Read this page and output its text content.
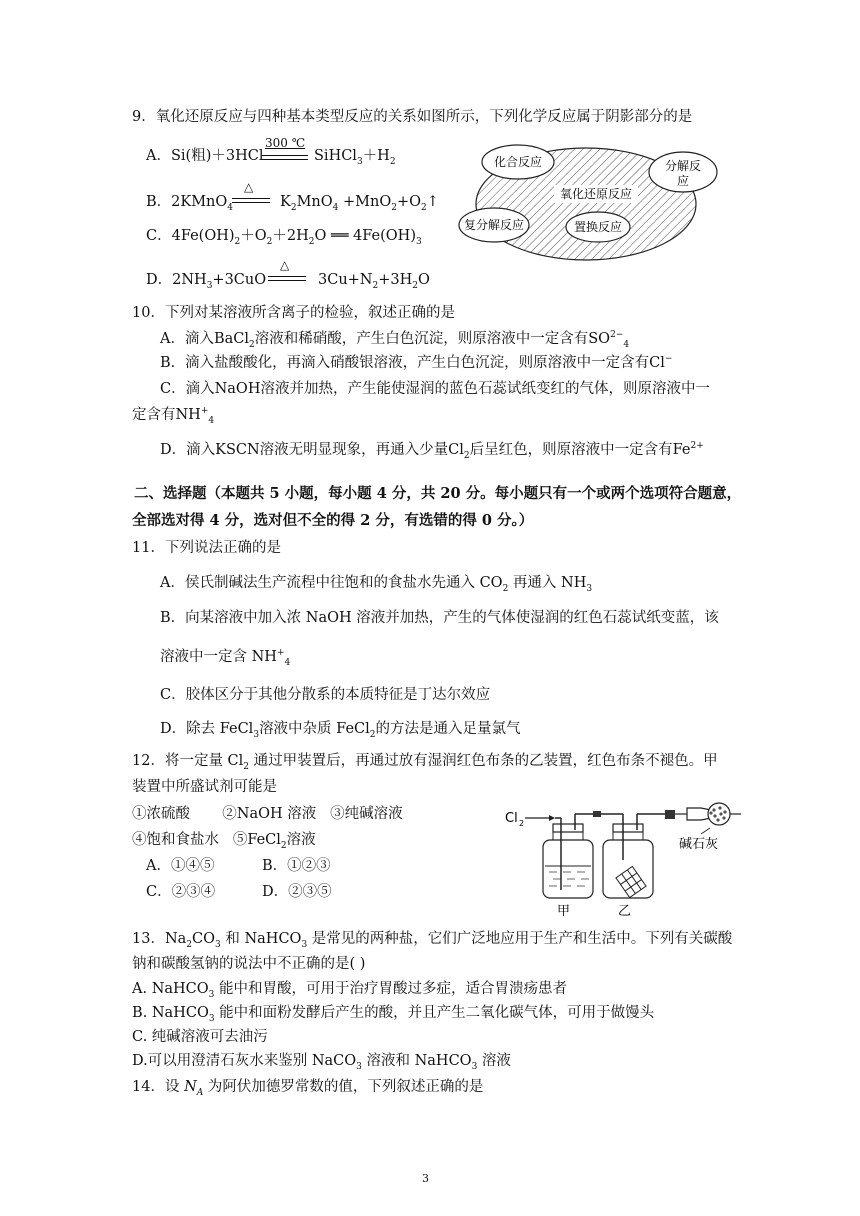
9．氧化还原反应与四种基本类型反应的关系如图所示，下列化学反应属于阴影部分的是
A．Si(粗)＋3HCl
300 ℃
$SiHCl_3+H_2$
B．2KMnO$_4$
△
$K_2MnO_4$ $+MnO_2+O_2↑$
C．$4Fe(OH)_2+O_2+2H_2O$ ══ $4Fe(OH)_3$
D．$2NH_3+3CuO$
△
$3Cu+N_2+3H_2O$
化合反应	分解反
应
氧化还原反应
复分解反应	置换反应
10．下列对某溶液所含离子的检验，叙述正确的是
A．滴入BaCl$_2$溶液和稀硝酸，产生白色沉淀，则原溶液中一定含有$SO^{2-}_4$
B．滴入盐酸酸化，再滴入硝酸银溶液，产生白色沉淀，则原溶液中一定含有Cl−
C．滴入NaOH溶液并加热，产生能使湿润的蓝色石蕊试纸变红的气体，则原溶液中一
定含有$NH^+_4$
D．滴入KSCN溶液无明显现象，再通入少量$Cl_2$后呈红色，则原溶液中一定含有$Fe^{2+}$
二、选择题（本题共 5 小题，每小题 4 分，共 20 分。每小题只有一个或两个选项符合题意，
全部选对得 4 分，选对但不全的得 2 分，有选错的得 0 分。）
11．下列说法正确的是
A．侯氏制碱法生产流程中往饱和的食盐水先通入 $CO_2$ 再通入 $NH_3$
B．向某溶液中加入浓 NaOH 溶液并加热，产生的气体使湿润的红色石蕊试纸变蓝，该
溶液中一定含 $NH^+_4$
C．胶体区分于其他分散系的本质特征是丁达尔效应
D．除去 FeCl$_3$溶液中杂质 FeCl$_2$的方法是通入足量氯气
12．将一定量 $Cl_2$ 通过甲装置后，再通过放有湿润红色布条的乙装置，红色布条不褪色。甲
装置中所盛试剂可能是
①浓硫酸 ②NaOH 溶液 ③纯碱溶液
④饱和食盐水 ⑤FeCl$_2$溶液
A．①④⑤	B．①②③
C．②③④	D．②③⑤
Cl 2
碱石灰
甲	乙
13．$Na_2CO_3$ 和 NaHCO$_3$ 是常见的两种盐，它们广泛地应用于生产和生活中。下列有关碳酸
钠和碳酸氢钠的说法中不正确的是( )
A. NaHCO$_3$ 能中和胃酸，可用于治疗胃酸过多症，适合胃溃疡患者
B. NaHCO$_3$ 能中和面粉发酵后产生的酸，并且产生二氧化碳气体，可用于做馒头
C. 纯碱溶液可去油污
D.可以用澄清石灰水来鉴别 NaCO$_3$ 溶液和 NaHCO$_3$ 溶液
14．设 $N_A$ 为阿伏加德罗常数的值，下列叙述正确的是
3
